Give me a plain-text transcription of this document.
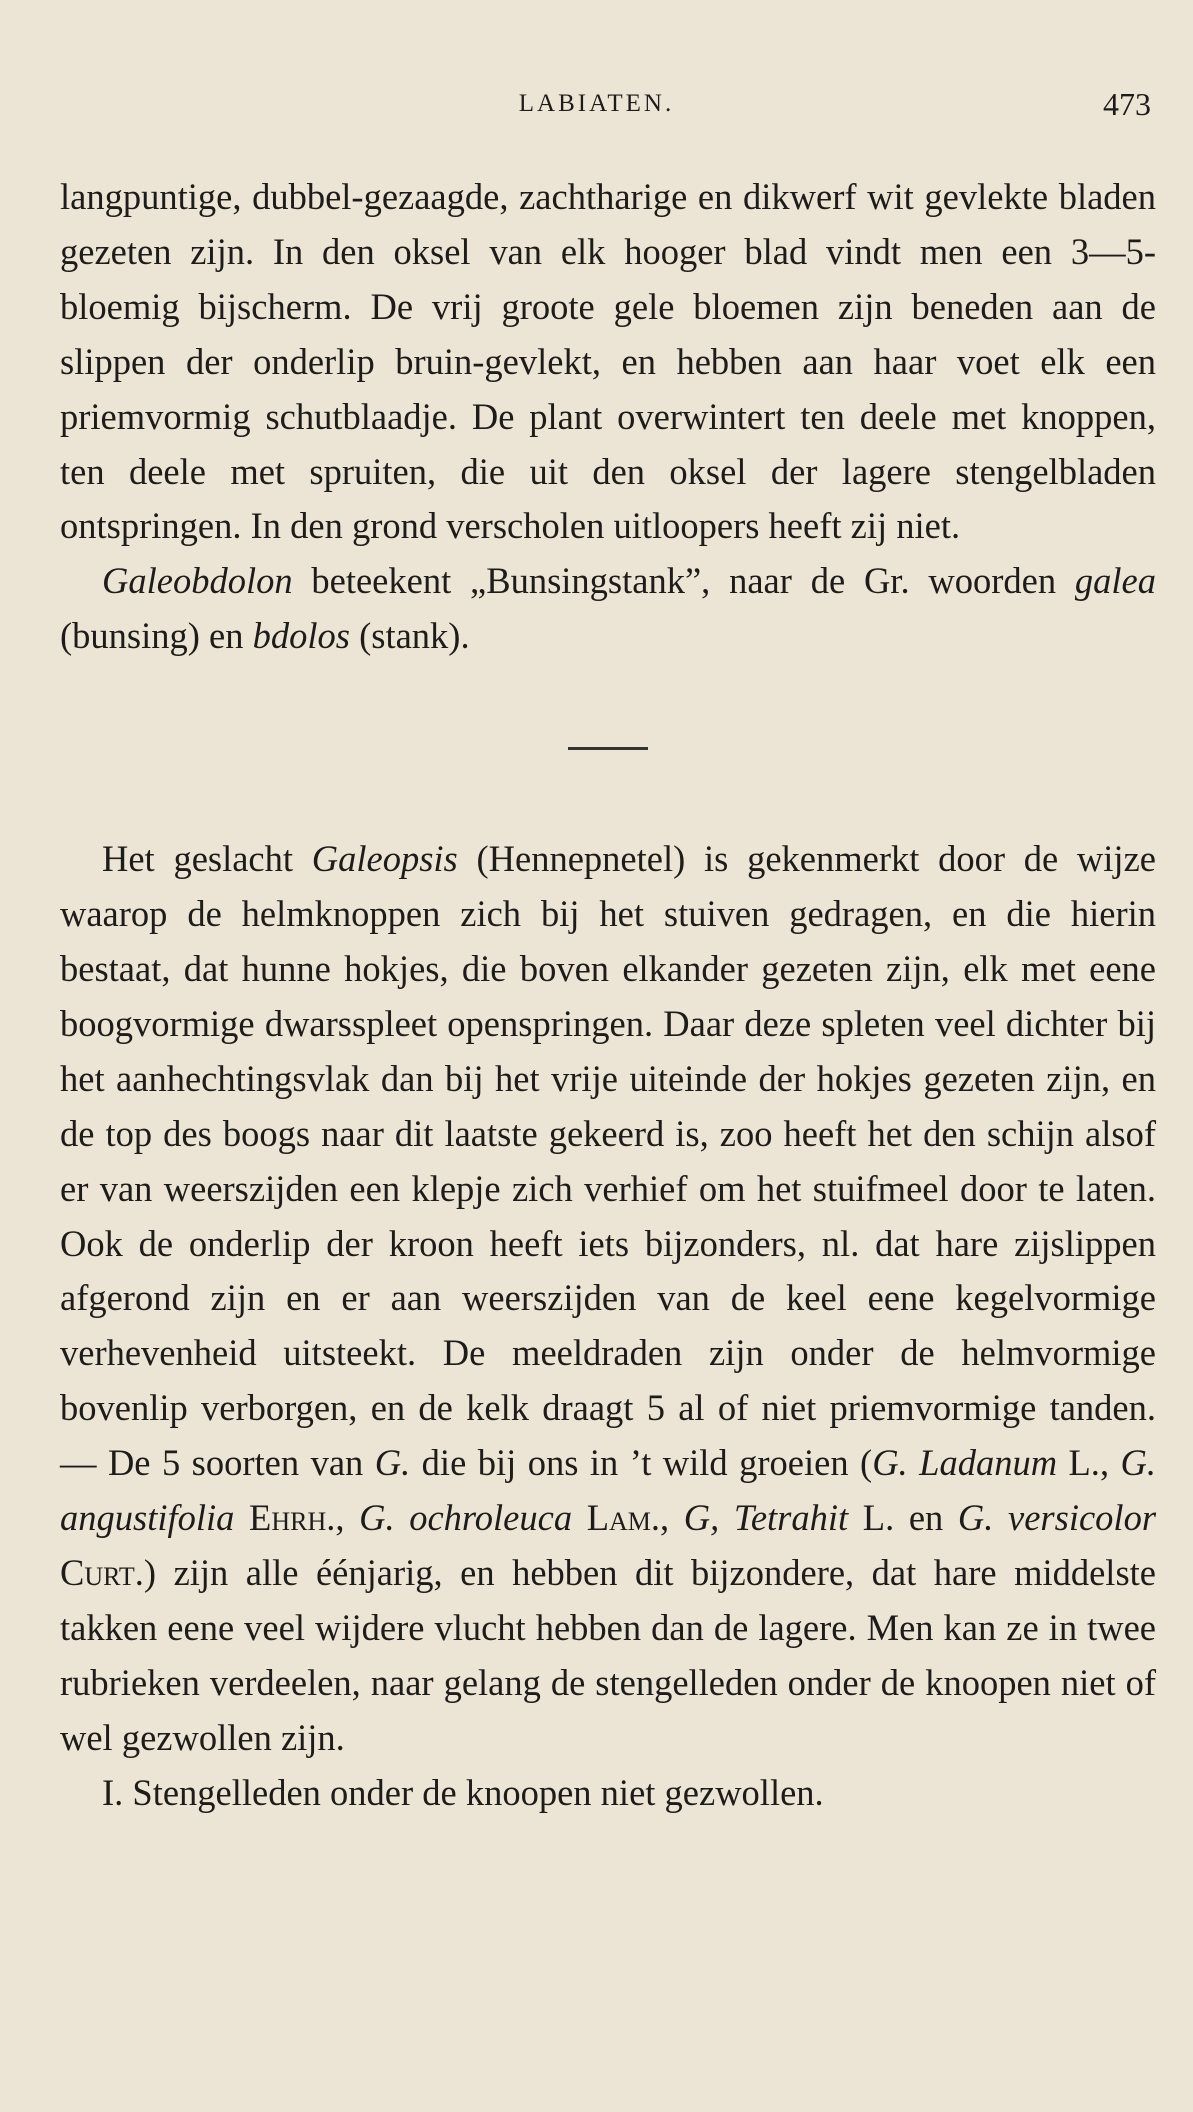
LABIATEN.	473

langpuntige, dubbel-gezaagde, zachtharige en dikwerf wit gevlekte bladen gezeten zijn. In den oksel van elk hooger blad vindt men een 3—5-bloemig bijscherm. De vrij groote gele bloemen zijn beneden aan de slippen der onderlip bruin-gevlekt, en hebben aan haar voet elk een priemvormig schutblaadje. De plant overwintert ten deele met knoppen, ten deele met spruiten, die uit den oksel der lagere stengelbladen ontspringen. In den grond verscholen uitloopers heeft zij niet.

Galeobdolon beteekent „Bunsingstank”, naar de Gr. woorden galea (bunsing) en bdolos (stank).

Het geslacht Galeopsis (Hennepnetel) is gekenmerkt door de wijze waarop de helmknoppen zich bij het stuiven gedragen, en die hierin bestaat, dat hunne hokjes, die boven elkander gezeten zijn, elk met eene boogvormige dwarsspleet openspringen. Daar deze spleten veel dichter bij het aanhechtingsvlak dan bij het vrije uiteinde der hokjes gezeten zijn, en de top des boogs naar dit laatste gekeerd is, zoo heeft het den schijn alsof er van weerszijden een klepje zich verhief om het stuifmeel door te laten. Ook de onderlip der kroon heeft iets bijzonders, nl. dat hare zijslippen afgerond zijn en er aan weerszijden van de keel eene kegelvormige verhevenheid uitsteekt. De meeldraden zijn onder de helmvormige bovenlip verborgen, en de kelk draagt 5 al of niet priemvormige tanden. — De 5 soorten van G. die bij ons in ’t wild groeien (G. Ladanum L., G. angustifolia Ehrh., G. ochroleuca Lam., G, Tetrahit L. en G. versicolor Curt.) zijn alle éénjarig, en hebben dit bijzondere, dat hare middelste takken eene veel wijdere vlucht hebben dan de lagere. Men kan ze in twee rubrieken verdeelen, naar gelang de stengelleden onder de knoopen niet of wel gezwollen zijn.

I. Stengelleden onder de knoopen niet gezwollen.
